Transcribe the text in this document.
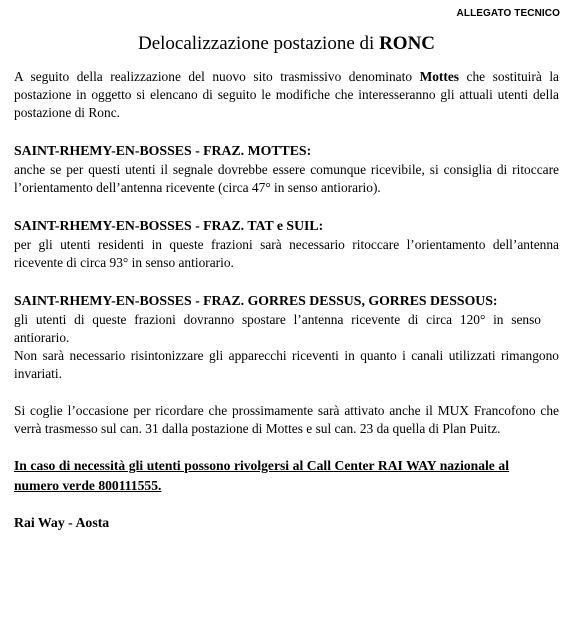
ALLEGATO TECNICO
Delocalizzazione postazione di RONC

A seguito della realizzazione del nuovo sito trasmissivo denominato Mottes che sostituirà la postazione in oggetto si elencano di seguito le modifiche che interesseranno gli attuali utenti della postazione di Ronc.

SAINT-RHEMY-EN-BOSSES - FRAZ. MOTTES:

anche se per questi utenti il segnale dovrebbe essere comunque ricevibile, si consiglia di ritoccare l’orientamento dell’antenna ricevente (circa 47° in senso antiorario).

SAINT-RHEMY-EN-BOSSES - FRAZ. TAT e SUIL:

per gli utenti residenti in queste frazioni sarà necessario ritoccare l’orientamento dell’antenna ricevente di circa 93° in senso antiorario.

SAINT-RHEMY-EN-BOSSES - FRAZ. GORRES DESSUS, GORRES DESSOUS:

gli utenti di queste frazioni dovranno spostare l’antenna ricevente di circa 120° in senso antiorario.

Non sarà necessario risintonizzare gli apparecchi riceventi in quanto i canali utilizzati rimangono invariati.

Si coglie l’occasione per ricordare che prossimamente sarà attivato anche il MUX Francofono che verrà trasmesso sul can. 31 dalla postazione di Mottes e sul can. 23 da quella di Plan Puitz.

In caso di necessità gli utenti possono rivolgersi al Call Center RAI WAY nazionale al numero verde 800111555.

Rai Way - Aosta
